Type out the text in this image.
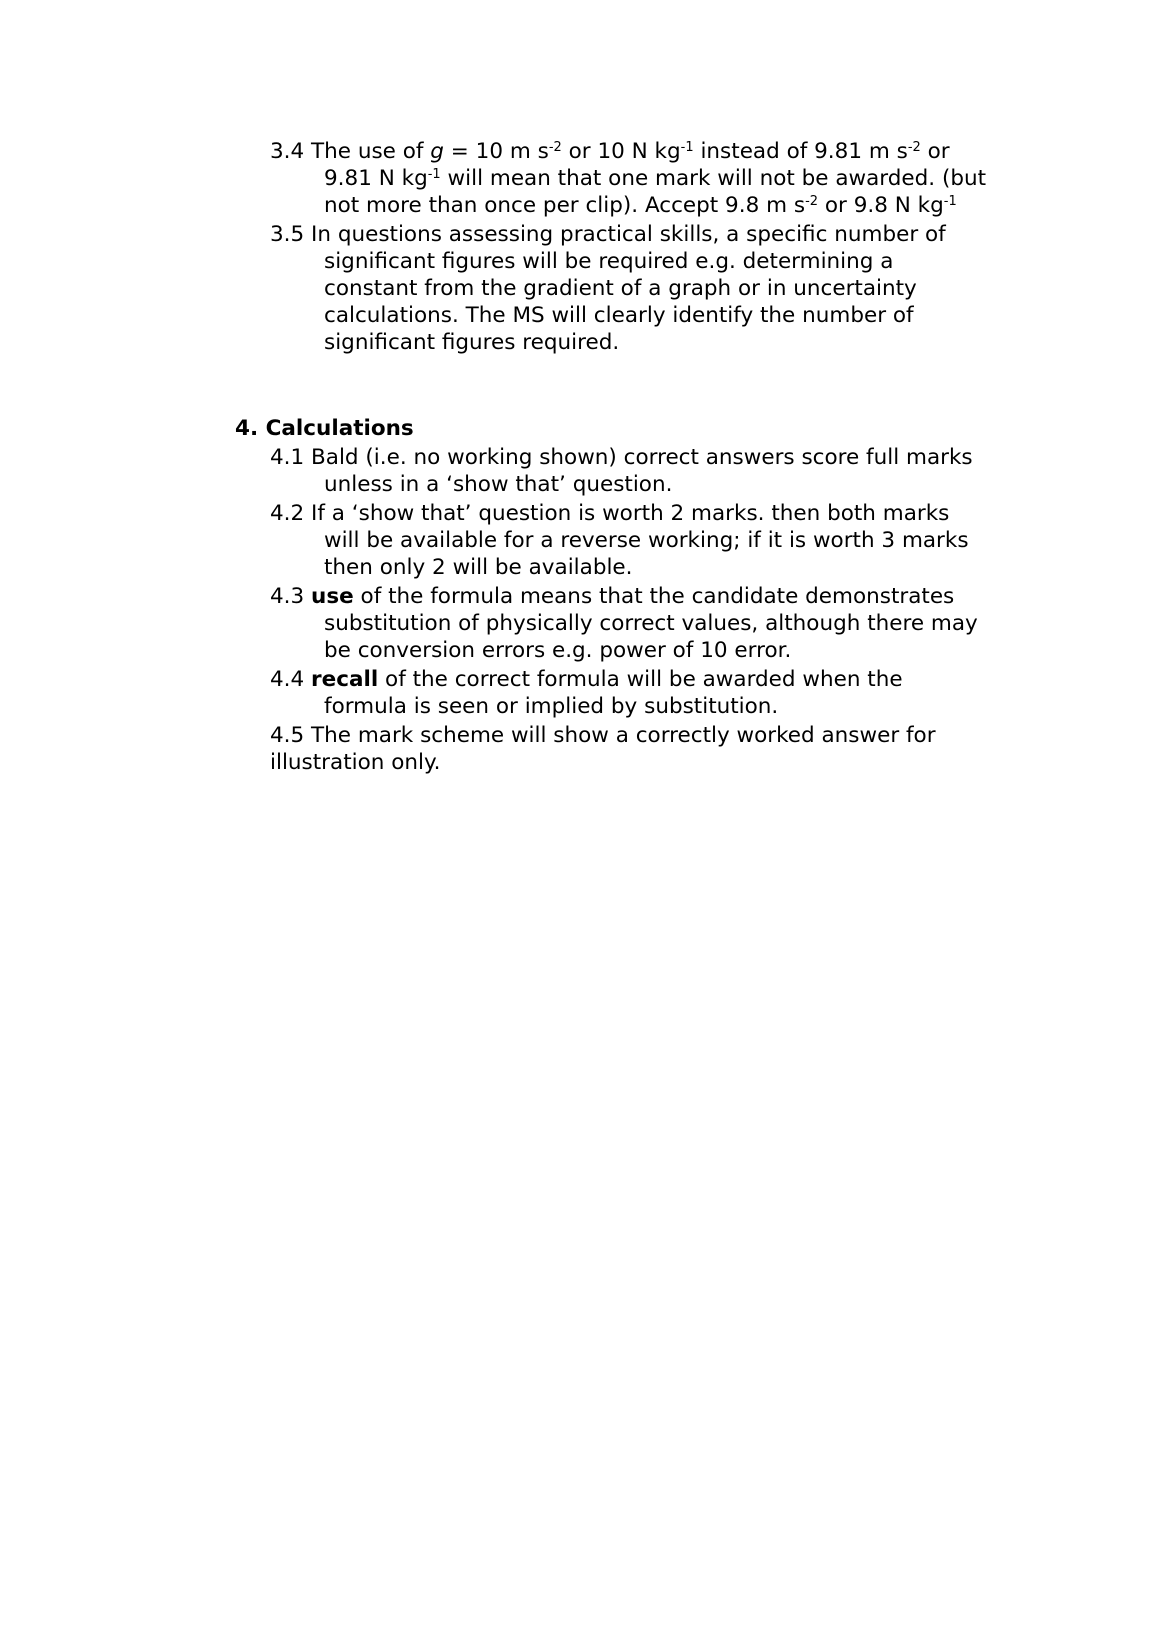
3.4 The use of g = 10 m $s^{-2}$ or 10 N $kg^{-1}$ instead of 9.81 m $s^{-2}$ or 9.81 N $kg^{-1}$ will mean that one mark will not be awarded. (but not more than once per clip). Accept 9.8 m $s^{-2}$ or 9.8 N $kg^{-1}$

3.5 In questions assessing practical skills, a specific number of significant figures will be required e.g. determining a constant from the gradient of a graph or in uncertainty calculations. The MS will clearly identify the number of significant figures required.

4. Calculations

4.1 Bald (i.e. no working shown) correct answers score full marks unless in a ‘show that’ question.

4.2 If a ‘show that’ question is worth 2 marks. then both marks will be available for a reverse working; if it is worth 3 marks then only 2 will be available.

4.3 use of the formula means that the candidate demonstrates substitution of physically correct values, although there may be conversion errors e.g. power of 10 error.

4.4 recall of the correct formula will be awarded when the formula is seen or implied by substitution.

4.5 The mark scheme will show a correctly worked answer for illustration only.
